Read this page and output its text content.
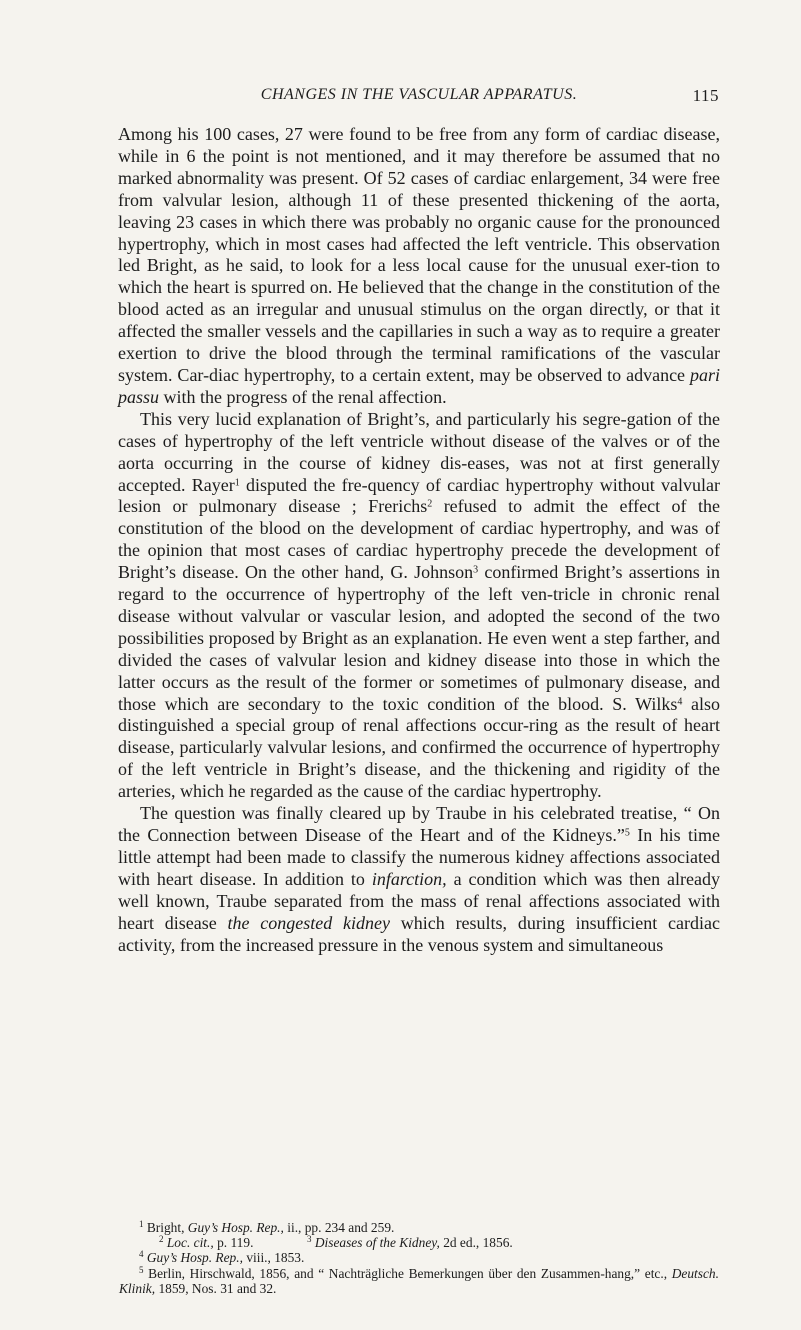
CHANGES IN THE VASCULAR APPARATUS.	115

Among his 100 cases, 27 were found to be free from any form of cardiac disease, while in 6 the point is not mentioned, and it may therefore be assumed that no marked abnormality was present. Of 52 cases of cardiac enlargement, 34 were free from valvular lesion, although 11 of these presented thickening of the aorta, leaving 23 cases in which there was probably no organic cause for the pronounced hypertrophy, which in most cases had affected the left ventricle. This observation led Bright, as he said, to look for a less local cause for the unusual exer-tion to which the heart is spurred on. He believed that the change in the constitution of the blood acted as an irregular and unusual stimulus on the organ directly, or that it affected the smaller vessels and the capillaries in such a way as to require a greater exertion to drive the blood through the terminal ramifications of the vascular system. Car-diac hypertrophy, to a certain extent, may be observed to advance pari passu with the progress of the renal affection.

This very lucid explanation of Bright’s, and particularly his segre-gation of the cases of hypertrophy of the left ventricle without disease of the valves or of the aorta occurring in the course of kidney dis-eases, was not at first generally accepted. Rayer$^1$ disputed the fre-quency of cardiac hypertrophy without valvular lesion or pulmonary disease ; Frerichs$^2$ refused to admit the effect of the constitution of the blood on the development of cardiac hypertrophy, and was of the opinion that most cases of cardiac hypertrophy precede the development of Bright’s disease. On the other hand, G. Johnson$^3$ confirmed Bright’s assertions in regard to the occurrence of hypertrophy of the left ven-tricle in chronic renal disease without valvular or vascular lesion, and adopted the second of the two possibilities proposed by Bright as an explanation. He even went a step farther, and divided the cases of valvular lesion and kidney disease into those in which the latter occurs as the result of the former or sometimes of pulmonary disease, and those which are secondary to the toxic condition of the blood. S. Wilks$^4$ also distinguished a special group of renal affections occur-ring as the result of heart disease, particularly valvular lesions, and confirmed the occurrence of hypertrophy of the left ventricle in Bright’s disease, and the thickening and rigidity of the arteries, which he regarded as the cause of the cardiac hypertrophy.

The question was finally cleared up by Traube in his celebrated treatise, “ On the Connection between Disease of the Heart and of the Kidneys.”$^5$ In his time little attempt had been made to classify the numerous kidney affections associated with heart disease. In addition to infarction, a condition which was then already well known, Traube separated from the mass of renal affections associated with heart disease the congested kidney which results, during insufficient cardiac activity, from the increased pressure in the venous system and simultaneous

$^1$ Bright, Guy’s Hosp. Rep., ii., pp. 234 and 259.

$^2$ Loc. cit., p. 119.	$^3$ Diseases of the Kidney, 2d ed., 1856.

$^4$ Guy’s Hosp. Rep., viii., 1853.

$^5$ Berlin, Hirschwald, 1856, and “ Nachträgliche Bemerkungen über den Zusammen-hang,” etc., Deutsch. Klinik, 1859, Nos. 31 and 32.
